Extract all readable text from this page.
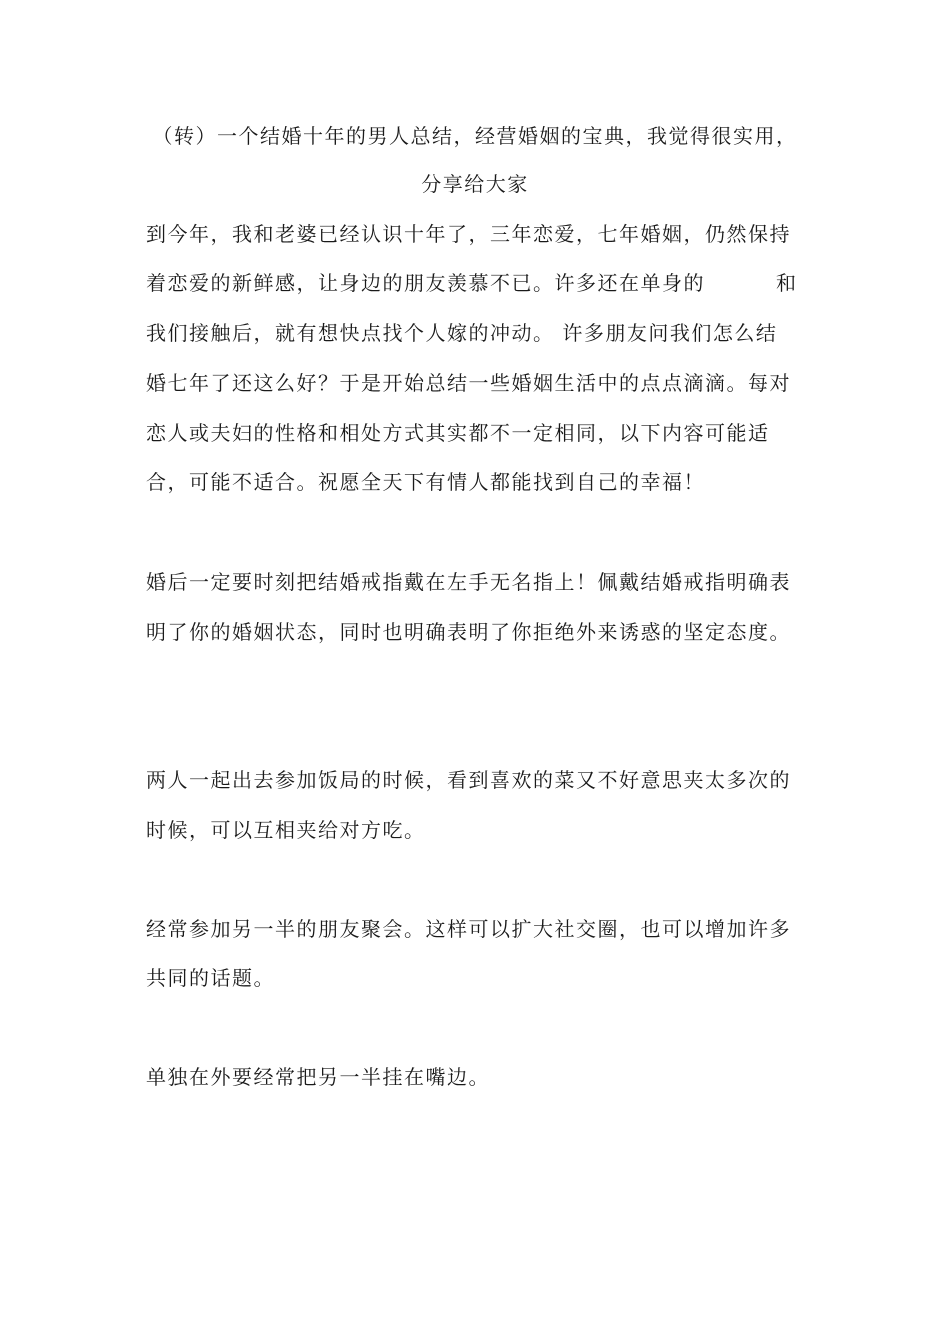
（转）一个结婚十年的男人总结，经营婚姻的宝典，我觉得很实用，
分享给大家
到今年，我和老婆已经认识十年了，三年恋爱，七年婚姻，仍然保持
着恋爱的新鲜感，让身边的朋友羡慕不已。许多还在单身的	和
我们接触后，就有想快点找个人嫁的冲动。 许多朋友问我们怎么结
婚七年了还这么好？于是开始总结一些婚姻生活中的点点滴滴。每对
恋人或夫妇的性格和相处方式其实都不一定相同，以下内容可能适
合，可能不适合。祝愿全天下有情人都能找到自己的幸福！
婚后一定要时刻把结婚戒指戴在左手无名指上！佩戴结婚戒指明确表
明了你的婚姻状态，同时也明确表明了你拒绝外来诱惑的坚定态度。
两人一起出去参加饭局的时候，看到喜欢的菜又不好意思夹太多次的
时候，可以互相夹给对方吃。
经常参加另一半的朋友聚会。这样可以扩大社交圈，也可以增加许多
共同的话题。
单独在外要经常把另一半挂在嘴边。
